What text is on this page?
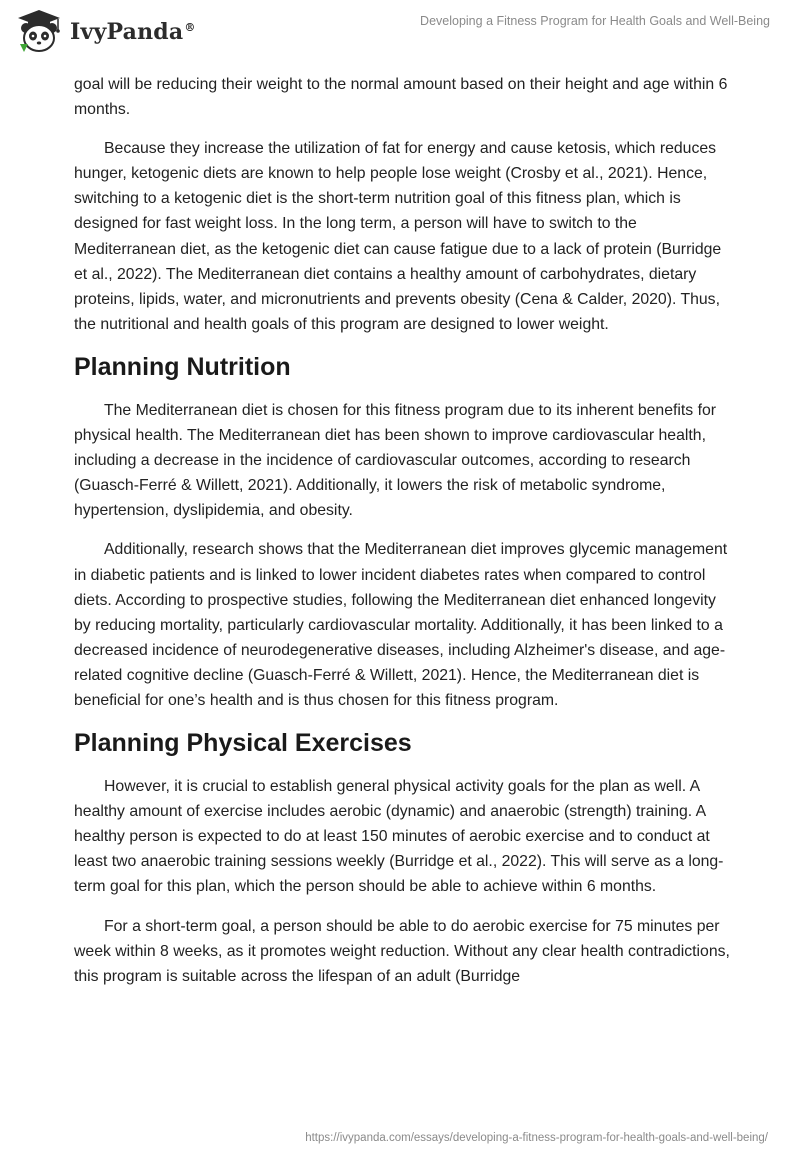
IvyPanda®	Developing a Fitness Program for Health Goals and Well-Being

goal will be reducing their weight to the normal amount based on their height and age within 6 months.

Because they increase the utilization of fat for energy and cause ketosis, which reduces hunger, ketogenic diets are known to help people lose weight (Crosby et al., 2021). Hence, switching to a ketogenic diet is the short-term nutrition goal of this fitness plan, which is designed for fast weight loss. In the long term, a person will have to switch to the Mediterranean diet, as the ketogenic diet can cause fatigue due to a lack of protein (Burridge et al., 2022). The Mediterranean diet contains a healthy amount of carbohydrates, dietary proteins, lipids, water, and micronutrients and prevents obesity (Cena & Calder, 2020). Thus, the nutritional and health goals of this program are designed to lower weight.

Planning Nutrition

The Mediterranean diet is chosen for this fitness program due to its inherent benefits for physical health. The Mediterranean diet has been shown to improve cardiovascular health, including a decrease in the incidence of cardiovascular outcomes, according to research (Guasch-Ferré & Willett, 2021). Additionally, it lowers the risk of metabolic syndrome, hypertension, dyslipidemia, and obesity.

Additionally, research shows that the Mediterranean diet improves glycemic management in diabetic patients and is linked to lower incident diabetes rates when compared to control diets. According to prospective studies, following the Mediterranean diet enhanced longevity by reducing mortality, particularly cardiovascular mortality. Additionally, it has been linked to a decreased incidence of neurodegenerative diseases, including Alzheimer's disease, and age-related cognitive decline (Guasch-Ferré & Willett, 2021). Hence, the Mediterranean diet is beneficial for one’s health and is thus chosen for this fitness program.

Planning Physical Exercises

However, it is crucial to establish general physical activity goals for the plan as well. A healthy amount of exercise includes aerobic (dynamic) and anaerobic (strength) training. A healthy person is expected to do at least 150 minutes of aerobic exercise and to conduct at least two anaerobic training sessions weekly (Burridge et al., 2022). This will serve as a long-term goal for this plan, which the person should be able to achieve within 6 months.

For a short-term goal, a person should be able to do aerobic exercise for 75 minutes per week within 8 weeks, as it promotes weight reduction. Without any clear health contradictions, this program is suitable across the lifespan of an adult (Burridge

https://ivypanda.com/essays/developing-a-fitness-program-for-health-goals-and-well-being/
